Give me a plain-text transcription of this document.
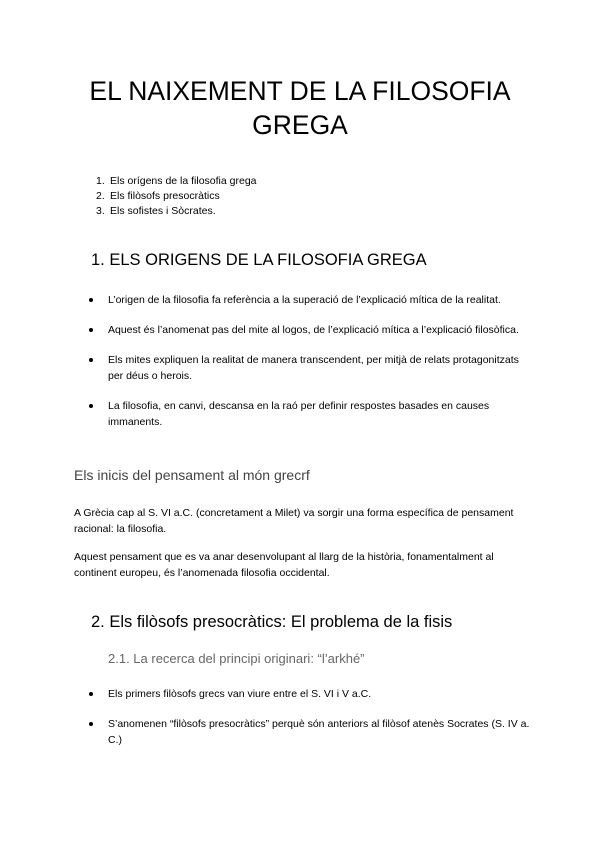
EL NAIXEMENT DE LA FILOSOFIA GREGA
1. Els orígens de la filosofia grega
2. Els filòsofs presocràtics
3. Els sofistes i Sòcrates.
1. ELS ORIGENS DE LA FILOSOFIA GREGA
L’origen de la filosofia fa referència a la superació de l’explicació mítica de la realitat.
Aquest és l’anomenat pas del mite al logos, de l’explicació mítica a l’explicació filosòfica.
Els mites expliquen la realitat de manera transcendent, per mitjà de relats protagonitzats per déus o herois.
La filosofia, en canvi, descansa en la raó per definir respostes basades en causes immanents.
Els inicis del pensament al món grecrf

A Grècia cap al S. VI a.C. (concretament a Milet) va sorgir una forma específica de pensament racional: la filosofia.

Aquest pensament que es va anar desenvolupant al llarg de la història, fonamentalment al continent europeu, és l’anomenada filosofia occidental.

2. Els filòsofs presocràtics: El problema de la fisis
2.1. La recerca del principi originari: “l’arkhé”
Els primers filòsofs grecs van viure entre el S. VI i V a.C.
S’anomenen “filòsofs presocràtics” perquè són anteriors al filòsof atenès Socrates (S. IV a. C.)
